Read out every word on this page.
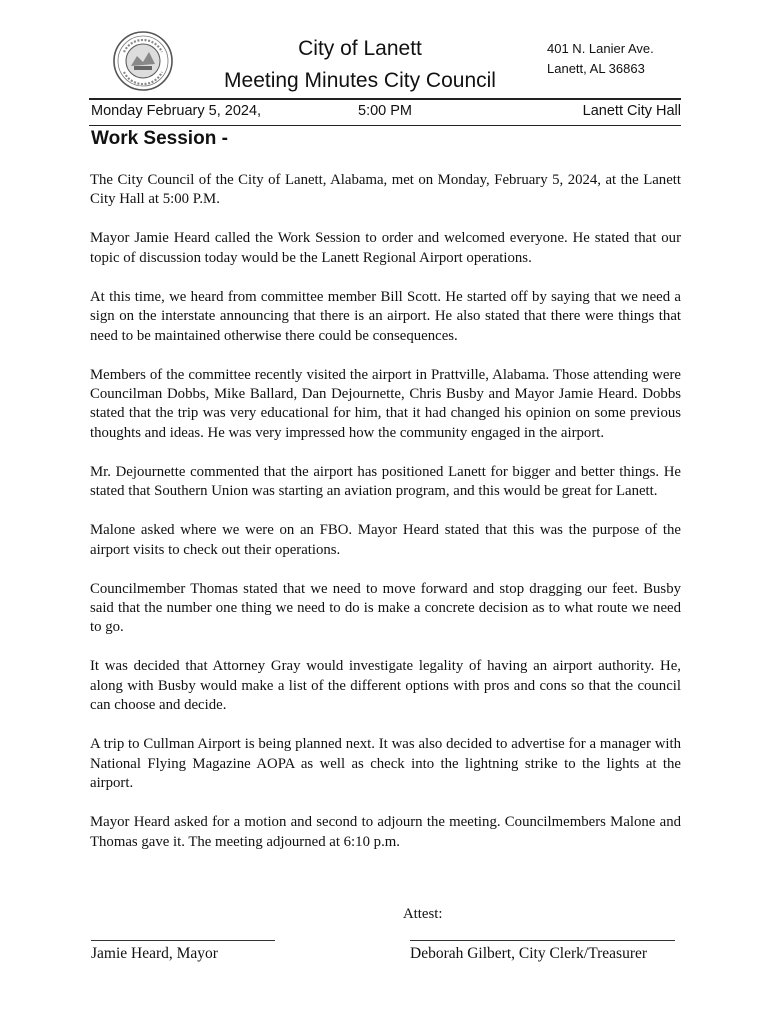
City of Lanett
Meeting Minutes City Council
401 N. Lanier Ave.
Lanett, AL 36863
Monday February 5, 2024,	5:00 PM	Lanett City Hall
Work Session -

The City Council of the City of Lanett, Alabama, met on Monday, February 5, 2024, at the Lanett City Hall at 5:00 P.M.

Mayor Jamie Heard called the Work Session to order and welcomed everyone. He stated that our topic of discussion today would be the Lanett Regional Airport operations.

At this time, we heard from committee member Bill Scott. He started off by saying that we need a sign on the interstate announcing that there is an airport. He also stated that there were things that need to be maintained otherwise there could be consequences.

Members of the committee recently visited the airport in Prattville, Alabama. Those attending were Councilman Dobbs, Mike Ballard, Dan Dejournette, Chris Busby and Mayor Jamie Heard. Dobbs stated that the trip was very educational for him, that it had changed his opinion on some previous thoughts and ideas. He was very impressed how the community engaged in the airport.

Mr. Dejournette commented that the airport has positioned Lanett for bigger and better things. He stated that Southern Union was starting an aviation program, and this would be great for Lanett.

Malone asked where we were on an FBO. Mayor Heard stated that this was the purpose of the airport visits to check out their operations.

Councilmember Thomas stated that we need to move forward and stop dragging our feet. Busby said that the number one thing we need to do is make a concrete decision as to what route we need to go.

It was decided that Attorney Gray would investigate legality of having an airport authority. He, along with Busby would make a list of the different options with pros and cons so that the council can choose and decide.

A trip to Cullman Airport is being planned next. It was also decided to advertise for a manager with National Flying Magazine AOPA as well as check into the lightning strike to the lights at the airport.

Mayor Heard asked for a motion and second to adjourn the meeting. Councilmembers Malone and Thomas gave it. The meeting adjourned at 6:10 p.m.

Attest:
Jamie Heard, Mayor	Deborah Gilbert, City Clerk/Treasurer
